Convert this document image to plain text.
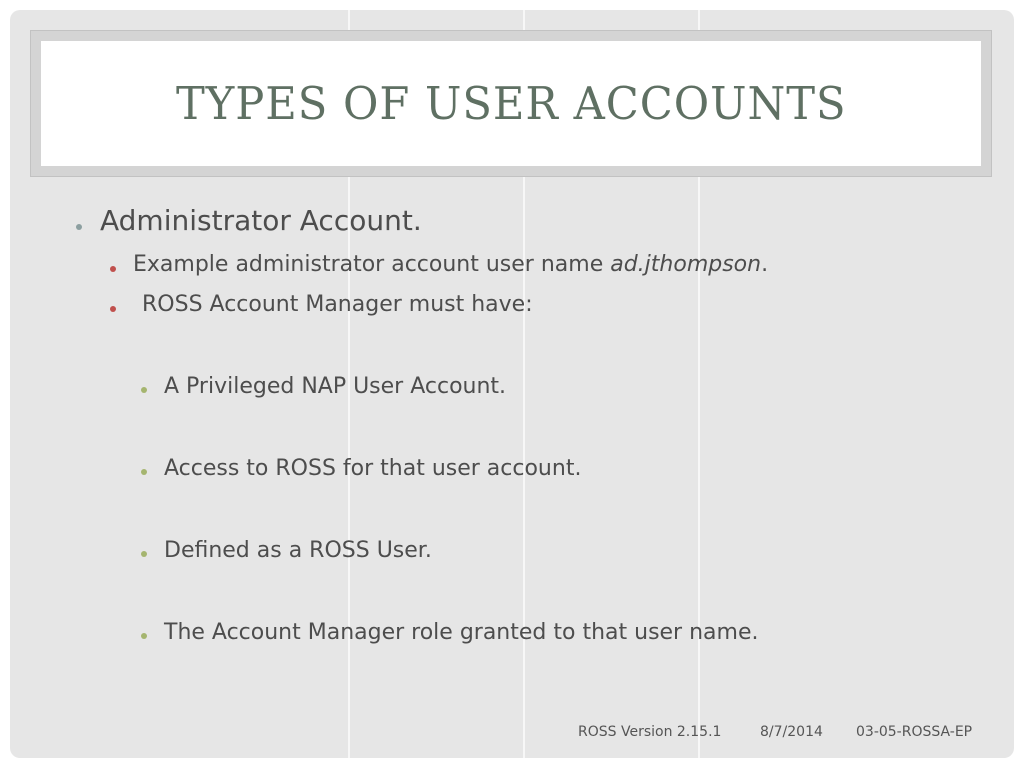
TYPES OF USER ACCOUNTS
Administrator Account.
Example administrator account user name ad.jthompson.
ROSS Account Manager must have:
A Privileged NAP User Account.
Access to ROSS for that user account.
Defined as a ROSS User.
The Account Manager role granted to that user name.
ROSS Version 2.15.1	8/7/2014 03-05-ROSSA-EP
